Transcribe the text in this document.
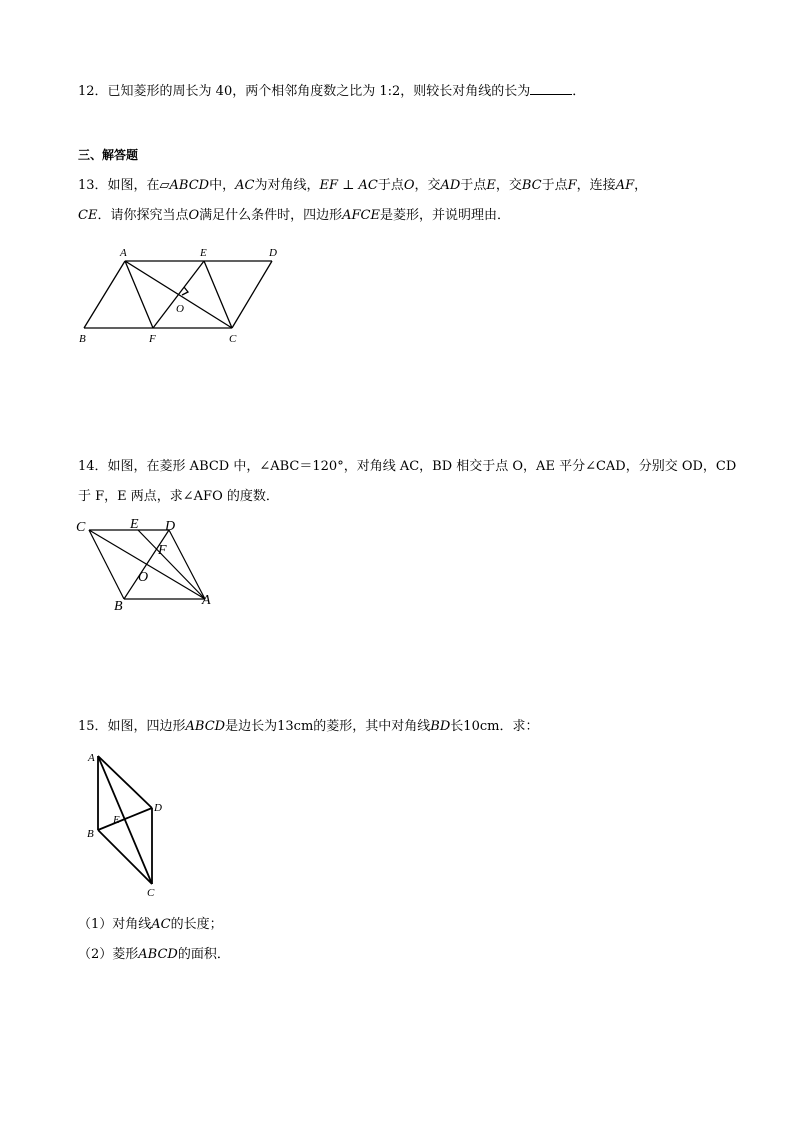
12．已知菱形的周长为 40，两个相邻角度数之比为 1:2，则较长对角线的长为	．
三、解答题
13．如图，在▱ABCD中，AC为对角线，EF ⊥ AC于点O，交AD于点E，交BC于点F，连接AF，
CE．请你探究当点O满足什么条件时，四边形AFCE是菱形，并说明理由．
A	E	D
O
B	F	C
14．如图，在菱形 ABCD 中，∠ABC＝120°，对角线 AC，BD 相交于点 O，AE 平分∠CAD，分别交 OD，CD
于 F，E 两点，求∠AFO 的度数．
C	E D
F
O
B	A
15．如图，四边形ABCD是边长为13cm的菱形，其中对角线BD长10cm．求：
A
D
E
B
C
（1）对角线AC的长度；
（2）菱形ABCD的面积．
